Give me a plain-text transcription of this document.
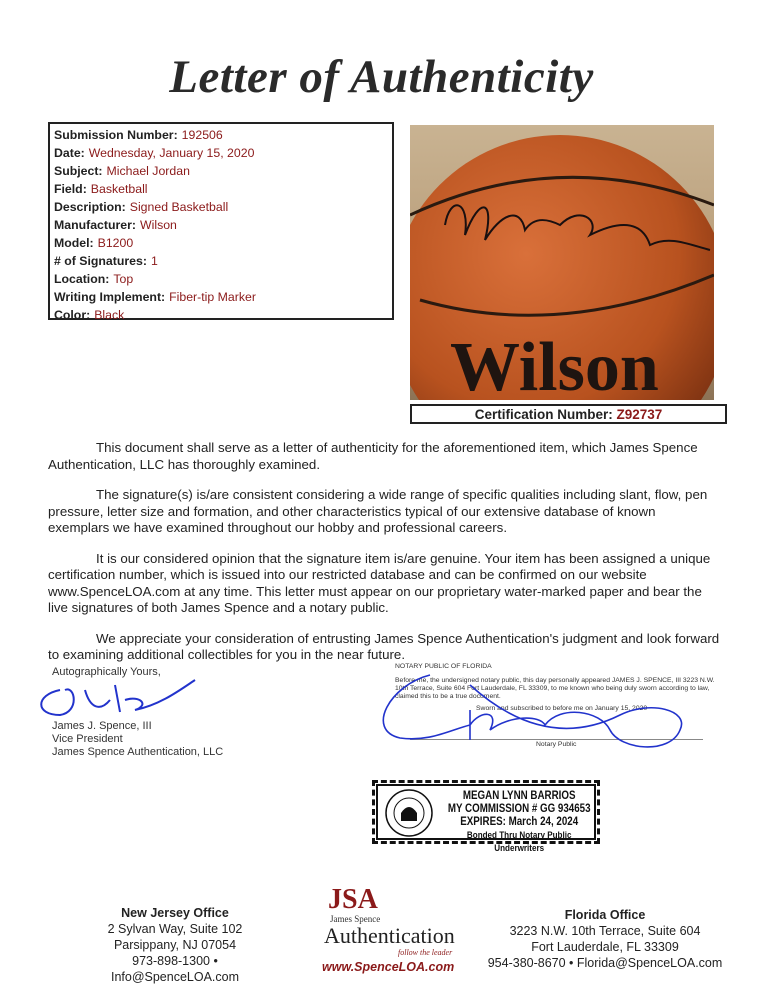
Letter of Authenticity
Submission Number: 192506
Date: Wednesday, January 15, 2020
Subject: Michael Jordan
Field: Basketball
Description: Signed Basketball
Manufacturer: Wilson
Model: B1200
# of Signatures: 1
Location: Top
Writing Implement: Fiber-tip Marker
Color: Black
Wilson
Certification Number: Z92737
This document shall serve as a letter of authenticity for the aforementioned item, which James Spence Authentication, LLC has thoroughly examined.
The signature(s) is/are consistent considering a wide range of specific qualities including slant, flow, pen pressure, letter size and formation, and other characteristics typical of our extensive database of known exemplars we have examined throughout our hobby and professional careers.
It is our considered opinion that the signature item is/are genuine. Your item has been assigned a unique certification number, which is issued into our restricted database and can be confirmed on our website www.SpenceLOA.com at any time. This letter must appear on our proprietary water-marked paper and bear the live signatures of both James Spence and a notary public.
We appreciate your consideration of entrusting James Spence Authentication's judgment and look forward to examining additional collectibles for you in the near future.
Autographically Yours,
James J. Spence, III
Vice President
James Spence Authentication, LLC
NOTARY PUBLIC OF FLORIDA
Before me, the undersigned notary public, this day personally appeared JAMES J. SPENCE, III 3223 N.W. 10th Terrace, Suite 604 Fort Lauderdale, FL 33309, to me known who being duly sworn according to law, claimed this to be a true document.
Sworn and subscribed to before me on January 15, 2020
Notary Public
MEGAN LYNN BARRIOS
MY COMMISSION # GG 934653
EXPIRES: March 24, 2024
Bonded Thru Notary Public Underwriters
New Jersey Office
2 Sylvan Way, Suite 102
Parsippany, NJ 07054
973-898-1300 • Info@SpenceLOA.com
JSA
James Spence
Authentication
follow the leader
www.SpenceLOA.com
Florida Office
3223 N.W. 10th Terrace, Suite 604
Fort Lauderdale, FL 33309
954-380-8670 • Florida@SpenceLOA.com
